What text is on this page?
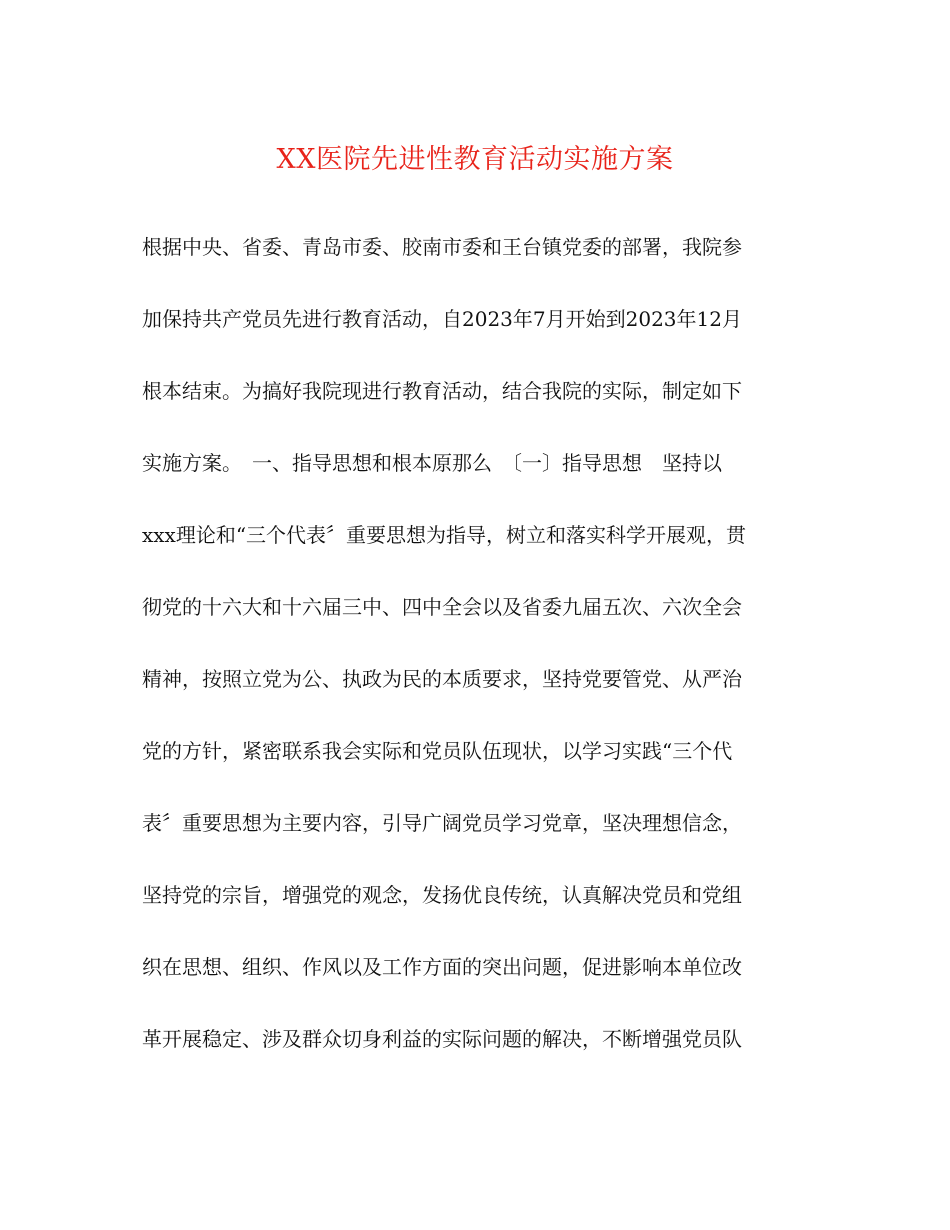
XX医院先进性教育活动实施方案
根据中央、省委、青岛市委、胶南市委和王台镇党委的部署，我院参
加保持共产党员先进行教育活动，自2023年7月开始到2023年12月
根本结束。为搞好我院现进行教育活动，结合我院的实际，制定如下
实施方案。　一、指导思想和根本原那么　〔一〕指导思想　坚持以
xxx理论和“三个代表〞重要思想为指导，树立和落实科学开展观，贯
彻党的十六大和十六届三中、四中全会以及省委九届五次、六次全会
精神，按照立党为公、执政为民的本质要求，坚持党要管党、从严治
党的方针，紧密联系我会实际和党员队伍现状，以学习实践“三个代
表〞重要思想为主要内容，引导广阔党员学习党章，坚决理想信念，
坚持党的宗旨，增强党的观念，发扬优良传统，认真解决党员和党组
织在思想、组织、作风以及工作方面的突出问题，促进影响本单位改
革开展稳定、涉及群众切身利益的实际问题的解决，不断增强党员队
